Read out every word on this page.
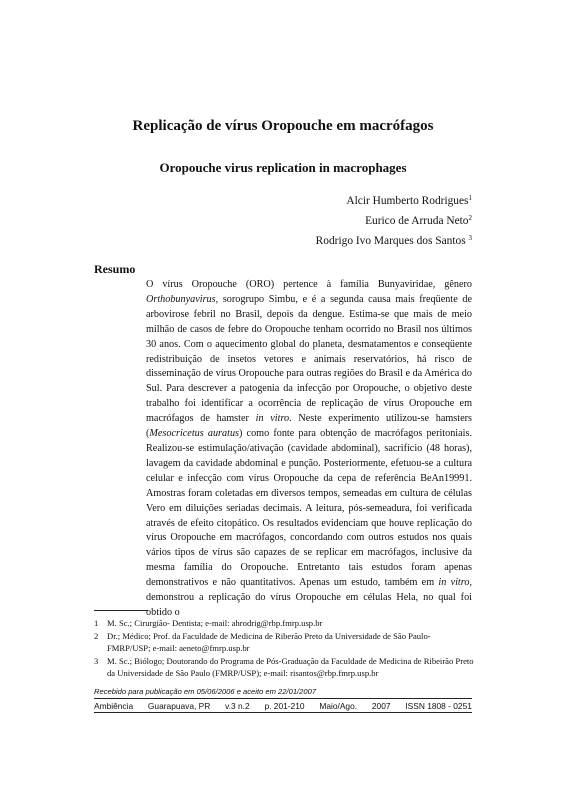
Replicação de vírus Oropouche em macrófagos
Oropouche virus replication in macrophages
Alcir Humberto Rodrigues$^1$
Eurico de Arruda Neto$^2$
Rodrigo Ivo Marques dos Santos $^3$
Resumo

O vírus Oropouche (ORO) pertence à família Bunyaviridae, gênero Orthobunyavirus, sorogrupo Simbu, e é a segunda causa mais freqüente de arbovirose febril no Brasil, depois da dengue. Estima-se que mais de meio milhão de casos de febre do Oropouche tenham ocorrido no Brasil nos últimos 30 anos. Com o aquecimento global do planeta, desmatamentos e conseqüente redistribuição de insetos vetores e animais reservatórios, há risco de disseminação de vírus Oropouche para outras regiões do Brasil e da América do Sul. Para descrever a patogenia da infecção por Oropouche, o objetivo deste trabalho foi identificar a ocorrência de replicação de vírus Oropouche em macrófagos de hamster in vitro. Neste experimento utilizou-se hamsters (Mesocricetus auratus) como fonte para obtenção de macrófagos peritoniais. Realizou-se estimulação/ativação (cavidade abdominal), sacrifício (48 horas), lavagem da cavidade abdominal e punção. Posteriormente, efetuou-se a cultura celular e infecção com vírus Oropouche da cepa de referência BeAn19991. Amostras foram coletadas em diversos tempos, semeadas em cultura de células Vero em diluições seriadas decimais. A leitura, pós-semeadura, foi verificada através de efeito citopático. Os resultados evidenciam que houve replicação do vírus Oropouche em macrófagos, concordando com outros estudos nos quais vários tipos de vírus são capazes de se replicar em macrófagos, inclusive da mesma família do Oropouche. Entretanto tais estudos foram apenas demonstrativos e não quantitativos. Apenas um estudo, também em in vitro, demonstrou a replicação do vírus Oropouche em células Hela, no qual foi obtido o

1	M. Sc.; Cirurgião- Dentista; e-mail: ahrodrig@rbp.fmrp.usp.br
2	Dr.; Médico; Prof. da Faculdade de Medicina de Riberão Preto da Universidade de São Paulo-FMRP/USP; e-mail: aeneto@fmrp.usp.br
3	M. Sc.; Biólogo; Doutorando do Programa de Pós-Graduação da Faculdade de Medicina de Ribeirão Preto da Universidade de São Paulo (FMRP/USP); e-mail: risantos@rbp.fmrp.usp.br
Recebido para publicação em 05/06/2006 e aceito em 22/01/2007
Ambiência Guarapuava, PR v.3 n.2 p. 201-210 Maio/Ago. 2007 ISSN 1808 - 0251
